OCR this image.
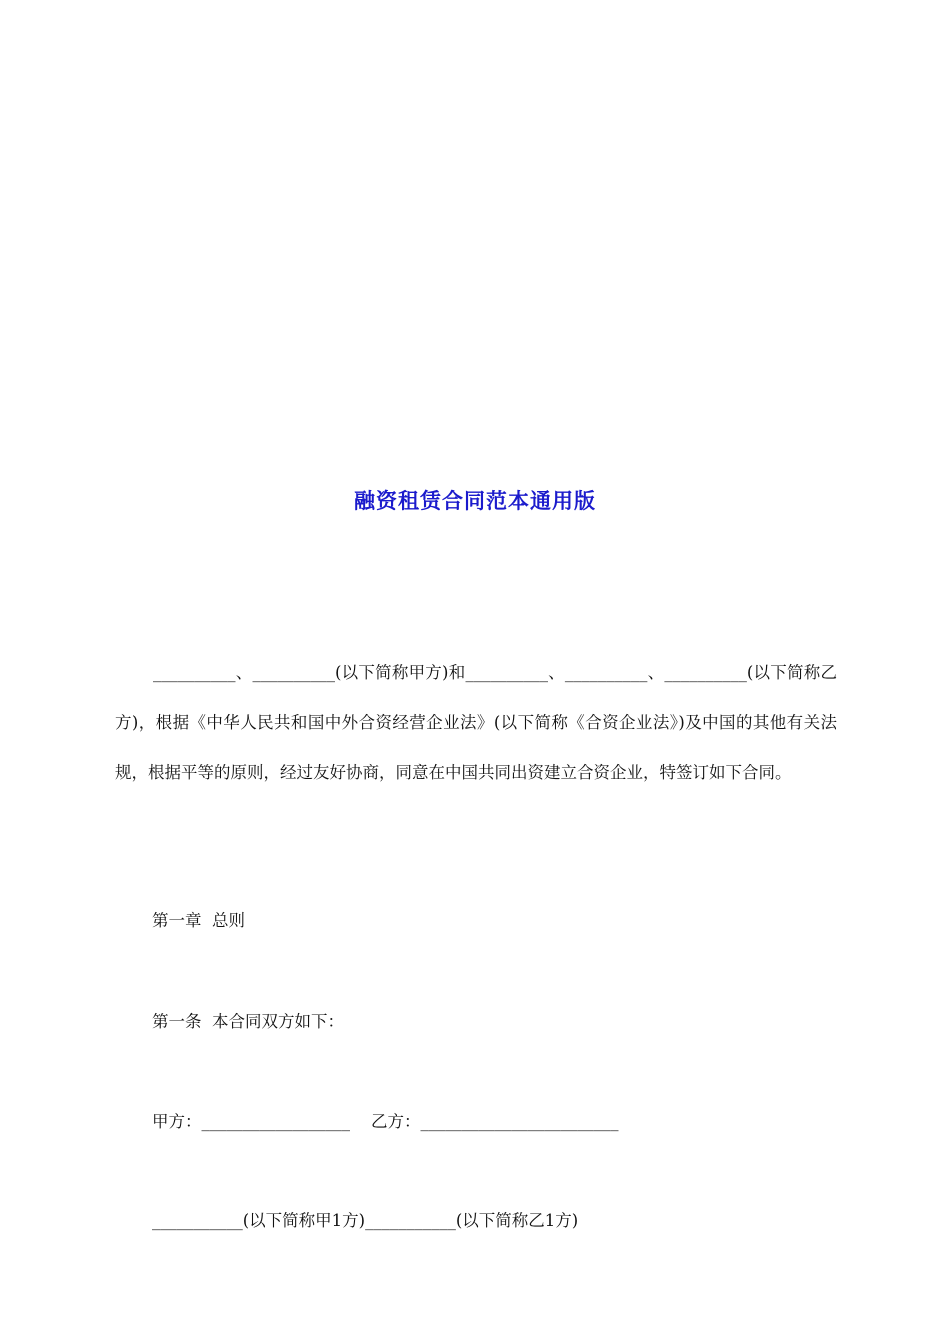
融资租赁合同范本通用版

__________、__________(以下简称甲方)和__________、__________、__________(以下简称乙方)，根据《中华人民共和国中外合资经营企业法》(以下简称《合资企业法》)及中国的其他有关法规，根据平等的原则，经过友好协商，同意在中国共同出资建立合资企业，特签订如下合同。

第一章  总则

第一条  本合同双方如下：

甲方：__________________    乙方：________________________

___________(以下简称甲1方)___________(以下简称乙1方)
